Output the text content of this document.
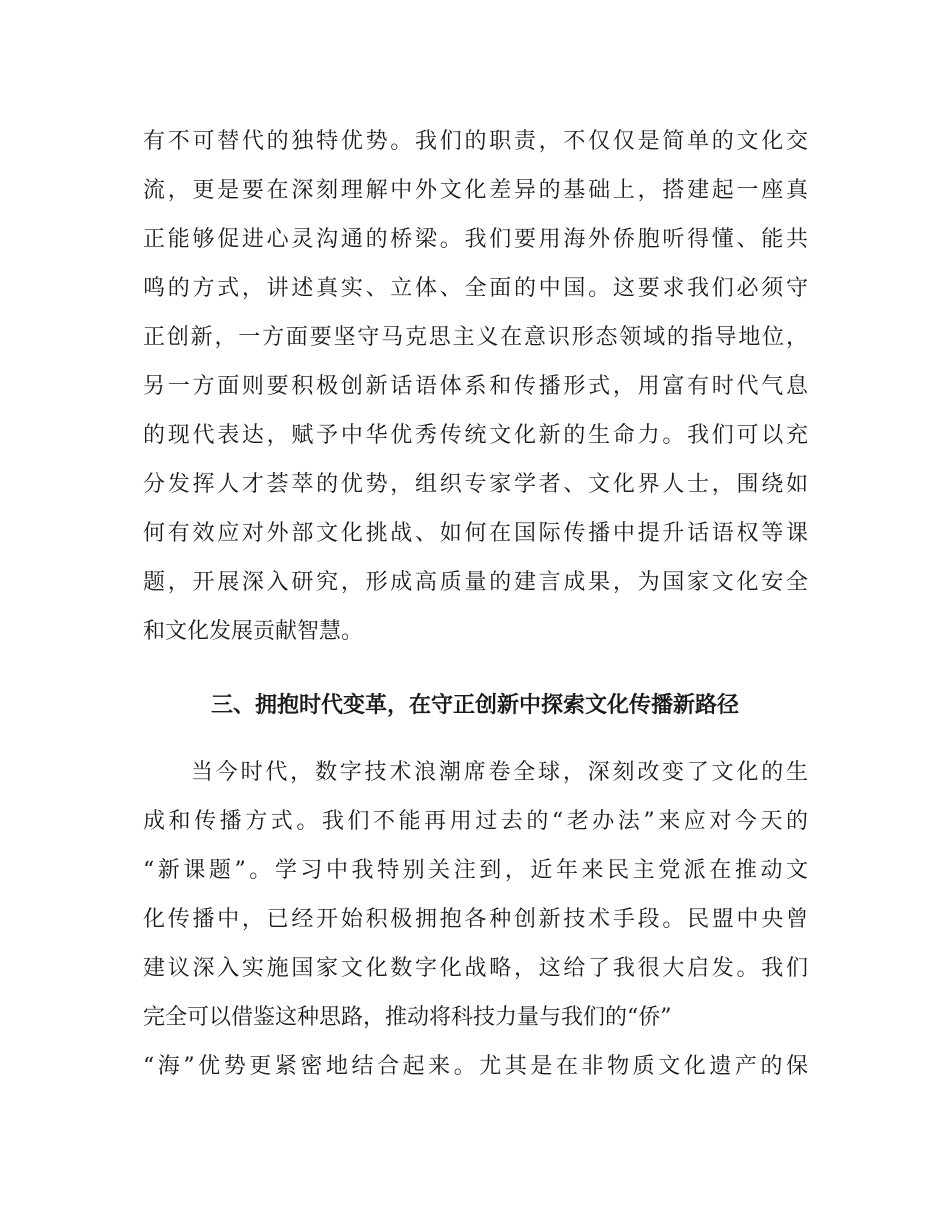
有不可替代的独特优势。我们的职责，不仅仅是简单的文化交
流，更是要在深刻理解中外文化差异的基础上，搭建起一座真
正能够促进心灵沟通的桥梁。我们要用海外侨胞听得懂、能共
鸣的方式，讲述真实、立体、全面的中国。这要求我们必须守
正创新，一方面要坚守马克思主义在意识形态领域的指导地位，
另一方面则要积极创新话语体系和传播形式，用富有时代气息
的现代表达，赋予中华优秀传统文化新的生命力。我们可以充
分发挥人才荟萃的优势，组织专家学者、文化界人士，围绕如
何有效应对外部文化挑战、如何在国际传播中提升话语权等课
题，开展深入研究，形成高质量的建言成果，为国家文化安全
和文化发展贡献智慧。
三、拥抱时代变革，在守正创新中探索文化传播新路径
当今时代，数字技术浪潮席卷全球，深刻改变了文化的生
成和传播方式。我们不能再用过去的“老办法”来应对今天的
“新课题”。学习中我特别关注到，近年来民主党派在推动文
化传播中，已经开始积极拥抱各种创新技术手段。民盟中央曾
建议深入实施国家文化数字化战略，这给了我很大启发。我们
完全可以借鉴这种思路，推动将科技力量与我们的“侨”
“海”优势更紧密地结合起来。尤其是在非物质文化遗产的保
